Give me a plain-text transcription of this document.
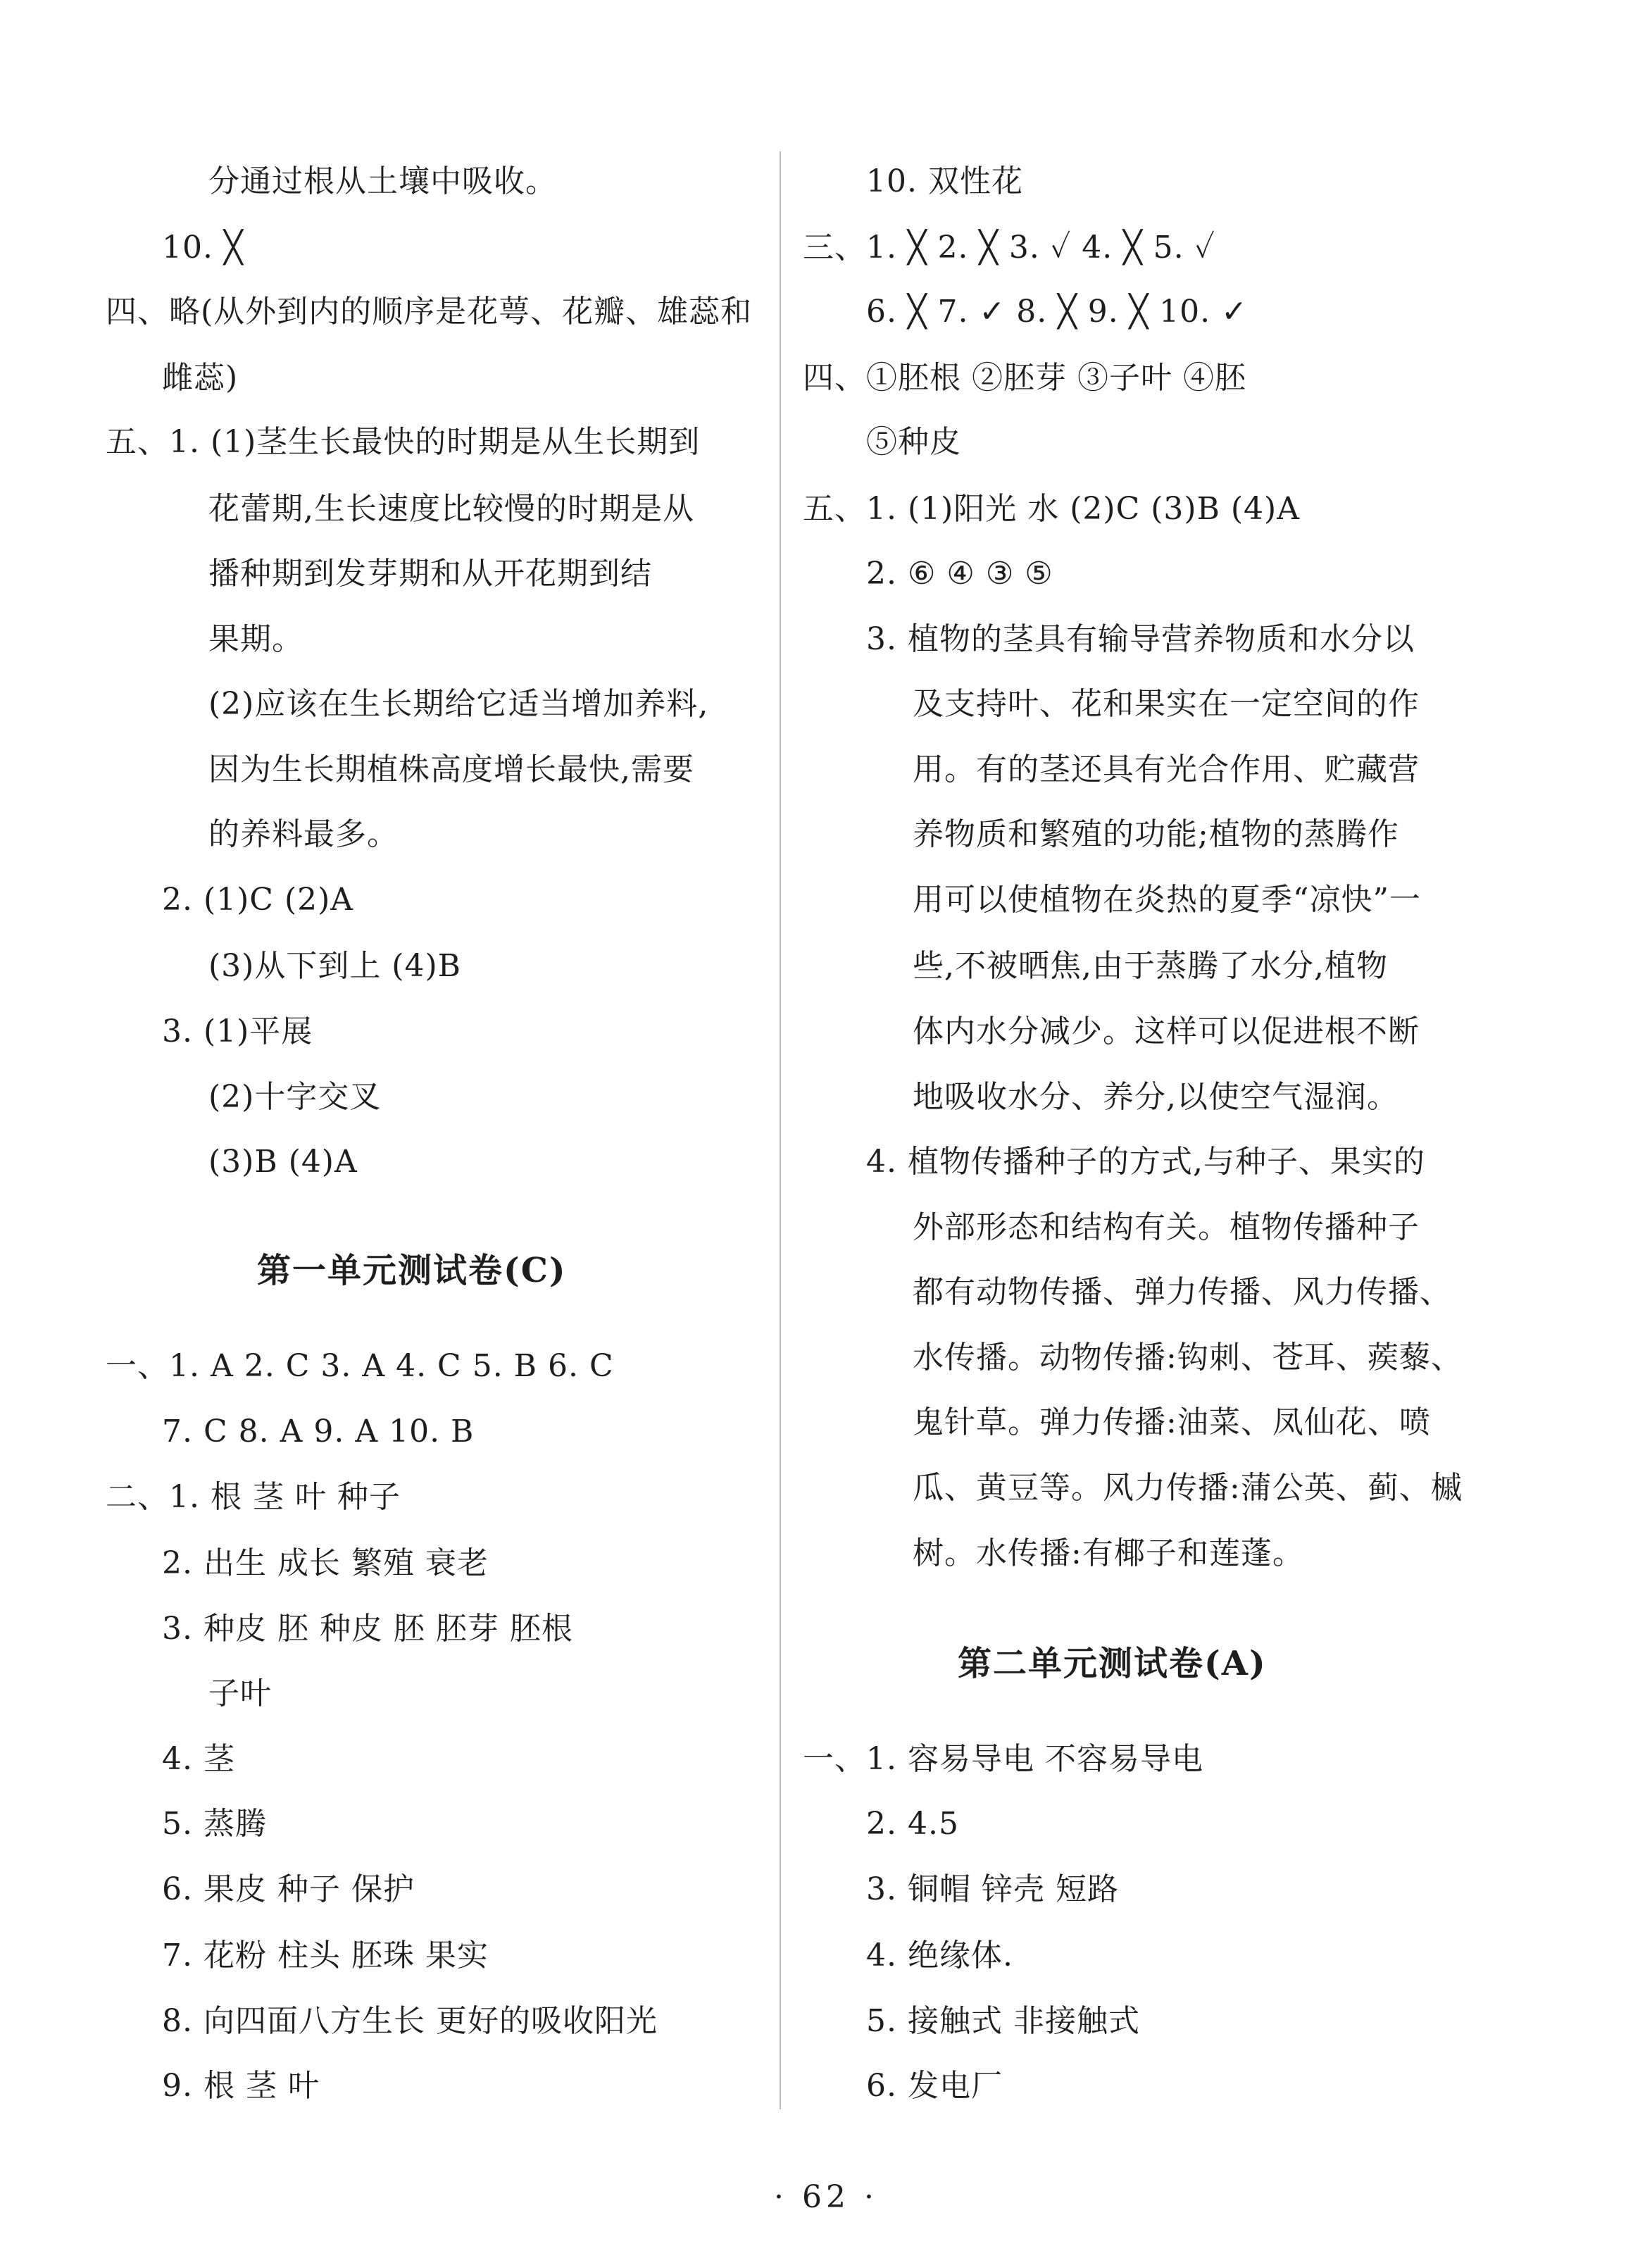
分通过根从土壤中吸收。
10. ╳
四、略(从外到内的顺序是花萼、花瓣、雄蕊和
雌蕊)
五、1. (1)茎生长最快的时期是从生长期到
花蕾期,生长速度比较慢的时期是从
播种期到发芽期和从开花期到结
果期。
(2)应该在生长期给它适当增加养料,
因为生长期植株高度增长最快,需要
的养料最多。
2. (1)C (2)A
(3)从下到上 (4)B
3. (1)平展
(2)十字交叉
(3)B (4)A
第一单元测试卷(C)
一、1. A 2. C 3. A 4. C 5. B 6. C
7. C 8. A 9. A 10. B
二、1. 根 茎 叶 种子
2. 出生 成长 繁殖 衰老
3. 种皮 胚 种皮 胚 胚芽 胚根
子叶
4. 茎
5. 蒸腾
6. 果皮 种子 保护
7. 花粉 柱头 胚珠 果实
8. 向四面八方生长 更好的吸收阳光
9. 根 茎 叶
10. 双性花
三、1. ╳ 2. ╳ 3. ✓ 4. ╳ 5. ✓
6. ╳ 7. ✓ 8. ╳ 9. ╳ 10. ✓
四、①胚根 ②胚芽 ③子叶 ④胚
⑤种皮
五、1. (1)阳光 水 (2)C (3)B (4)A
2. ⑥ ④ ③ ⑤
3. 植物的茎具有输导营养物质和水分以
及支持叶、花和果实在一定空间的作
用。有的茎还具有光合作用、贮藏营
养物质和繁殖的功能;植物的蒸腾作
用可以使植物在炎热的夏季“凉快”一
些,不被晒焦,由于蒸腾了水分,植物
体内水分减少。这样可以促进根不断
地吸收水分、养分,以使空气湿润。
4. 植物传播种子的方式,与种子、果实的
外部形态和结构有关。植物传播种子
都有动物传播、弹力传播、风力传播、
水传播。动物传播:钩刺、苍耳、蒺藜、
鬼针草。弹力传播:油菜、凤仙花、喷
瓜、黄豆等。风力传播:蒲公英、蓟、槭
树。水传播:有椰子和莲蓬。
第二单元测试卷(A)
一、1. 容易导电 不容易导电
2. 4.5
3. 铜帽 锌壳 短路
4. 绝缘体.
5. 接触式 非接触式
6. 发电厂
· 62 ·
